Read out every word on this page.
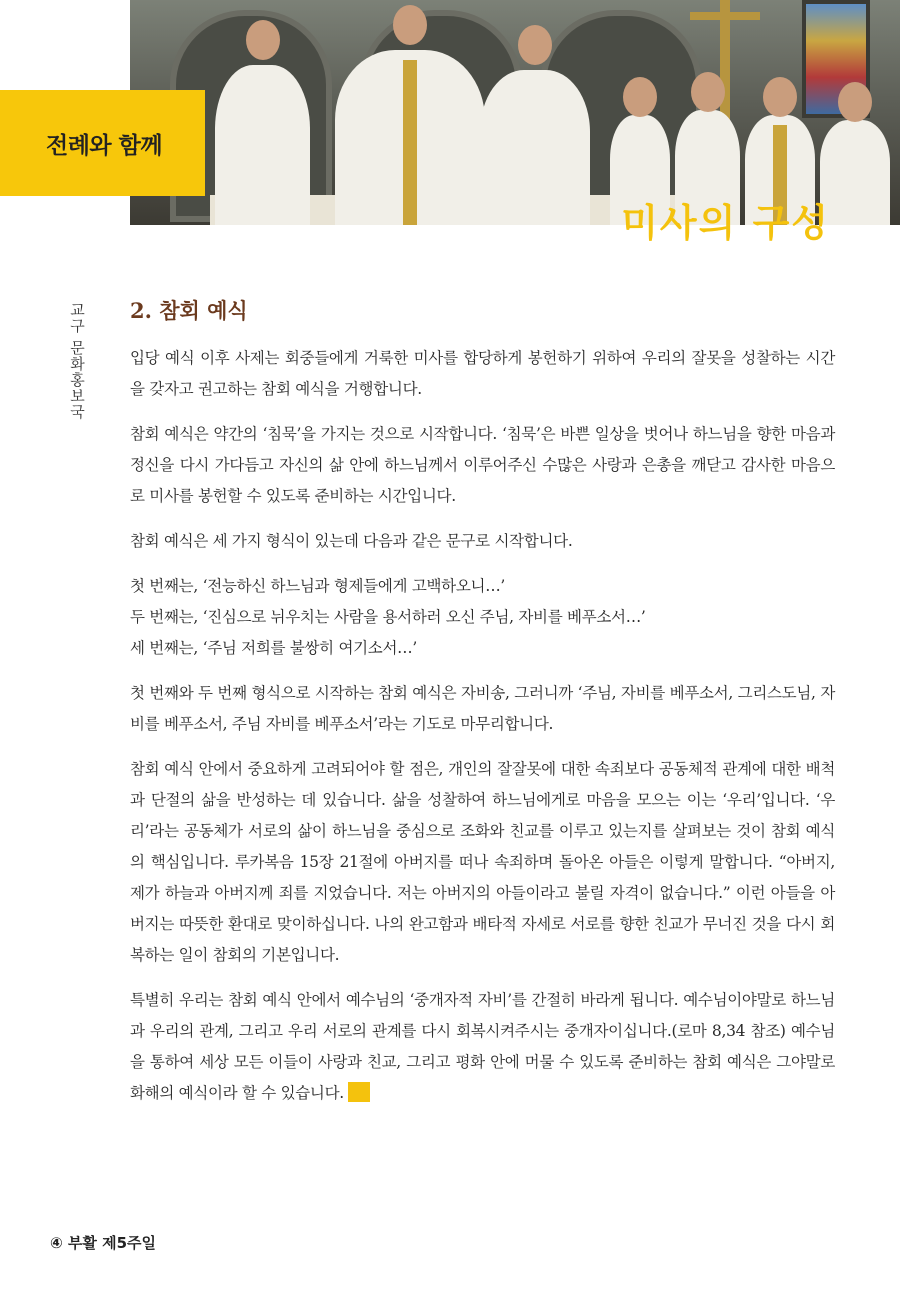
전례와 함께
미사의 구성
교구 문화홍보국 2. 참회 예식

입당 예식 이후 사제는 회중들에게 거룩한 미사를 합당하게 봉헌하기 위하여 우리의 잘못을 성찰하는 시간을 갖자고 권고하는 참회 예식을 거행합니다.

참회 예식은 약간의 ‘침묵’을 가지는 것으로 시작합니다. ‘침묵’은 바쁜 일상을 벗어나 하느님을 향한 마음과 정신을 다시 가다듬고 자신의 삶 안에 하느님께서 이루어주신 수많은 사랑과 은총을 깨닫고 감사한 마음으로 미사를 봉헌할 수 있도록 준비하는 시간입니다.

참회 예식은 세 가지 형식이 있는데 다음과 같은 문구로 시작합니다.

첫 번째는, ‘전능하신 하느님과 형제들에게 고백하오니…’
두 번째는, ‘진심으로 뉘우치는 사람을 용서하러 오신 주님, 자비를 베푸소서…’
세 번째는, ‘주님 저희를 불쌍히 여기소서…’

첫 번째와 두 번째 형식으로 시작하는 참회 예식은 자비송, 그러니까 ‘주님, 자비를 베푸소서, 그리스도님, 자비를 베푸소서, 주님 자비를 베푸소서’라는 기도로 마무리합니다.

참회 예식 안에서 중요하게 고려되어야 할 점은, 개인의 잘잘못에 대한 속죄보다 공동체적 관계에 대한 배척과 단절의 삶을 반성하는 데 있습니다. 삶을 성찰하여 하느님에게로 마음을 모으는 이는 ‘우리’입니다. ‘우리’라는 공동체가 서로의 삶이 하느님을 중심으로 조화와 친교를 이루고 있는지를 살펴보는 것이 참회 예식의 핵심입니다. 루카복음 15장 21절에 아버지를 떠나 속죄하며 돌아온 아들은 이렇게 말합니다. “아버지, 제가 하늘과 아버지께 죄를 지었습니다. 저는 아버지의 아들이라고 불릴 자격이 없습니다.” 이런 아들을 아버지는 따뜻한 환대로 맞이하십니다. 나의 완고함과 배타적 자세로 서로를 향한 친교가 무너진 것을 다시 회복하는 일이 참회의 기본입니다.

특별히 우리는 참회 예식 안에서 예수님의 ‘중개자적 자비’를 간절히 바라게 됩니다. 예수님이야말로 하느님과 우리의 관계, 그리고 우리 서로의 관계를 다시 회복시켜주시는 중개자이십니다.(로마 8,34 참조) 예수님을 통하여 세상 모든 이들이 사랑과 친교, 그리고 평화 안에 머물 수 있도록 준비하는 참회 예식은 그야말로 화해의 예식이라 할 수 있습니다.

④ 부활 제5주일
